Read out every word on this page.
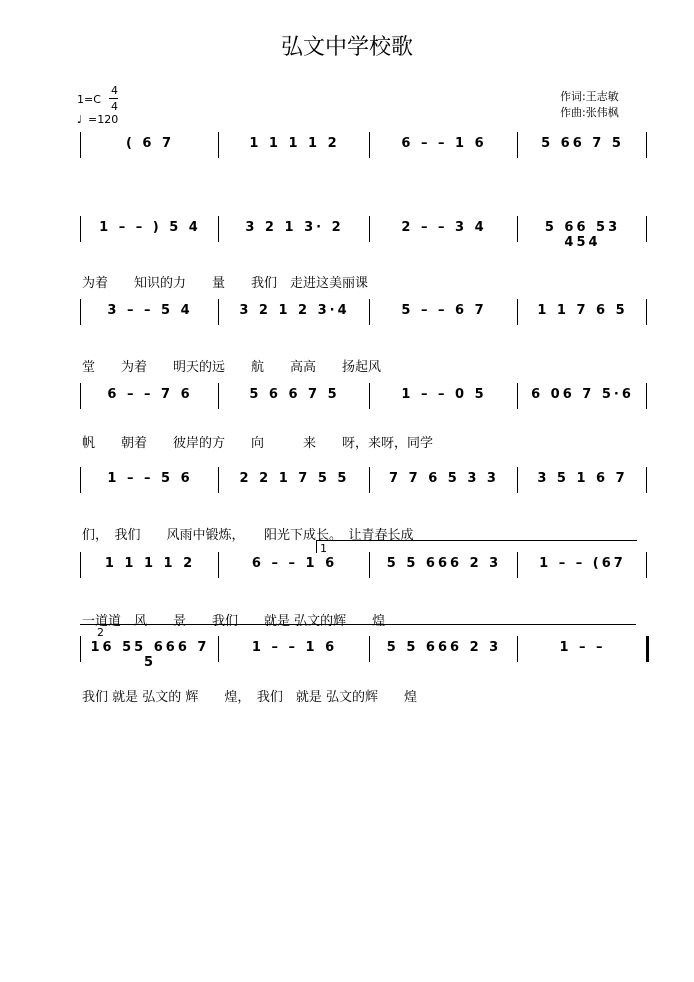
弘文中学校歌
1=C
4
4
♩ =120
作词:王志敏
作曲:张伟枫
( 6 7	1 1 1 1 2	6 – – 1 6	5 66 7 5
1 – – ) 5 4	3 2 1 3· 2	2 – – 3 4	5 66 53 454
为着　　知识的力　　量　　我们　走进这美丽课
3 – – 5 4	3 2 1 2 3·4	5 – – 6 7	1 1 7 6 5
堂　　为着　　明天的远　　航　　高高　　扬起风
6 – – 7 6	5 6 6 7 5	1 – – 0 5	6 06 7 5·6
帆　　朝着　　彼岸的方　　向　　　来　　呀，来呀，同学
1 – – 5 6	2 2 1 7 5 5	7 7 6 5 3 3	3 5 1 6 7
们，　我们　　风雨中锻炼，　　阳光下成长。　让青春长成
1 1 1 1 2	6 – – 1 6	5 5 666 2 3	1 – – (67
一道道　风　　景　　我们　　就是 弘文的辉　　煌
16 55 666 7 5
1 – – 1 6	5 5 666 2 3	1 – –
我们 就是 弘文的 辉　　煌，　我们　就是 弘文的辉　　煌
1
2
